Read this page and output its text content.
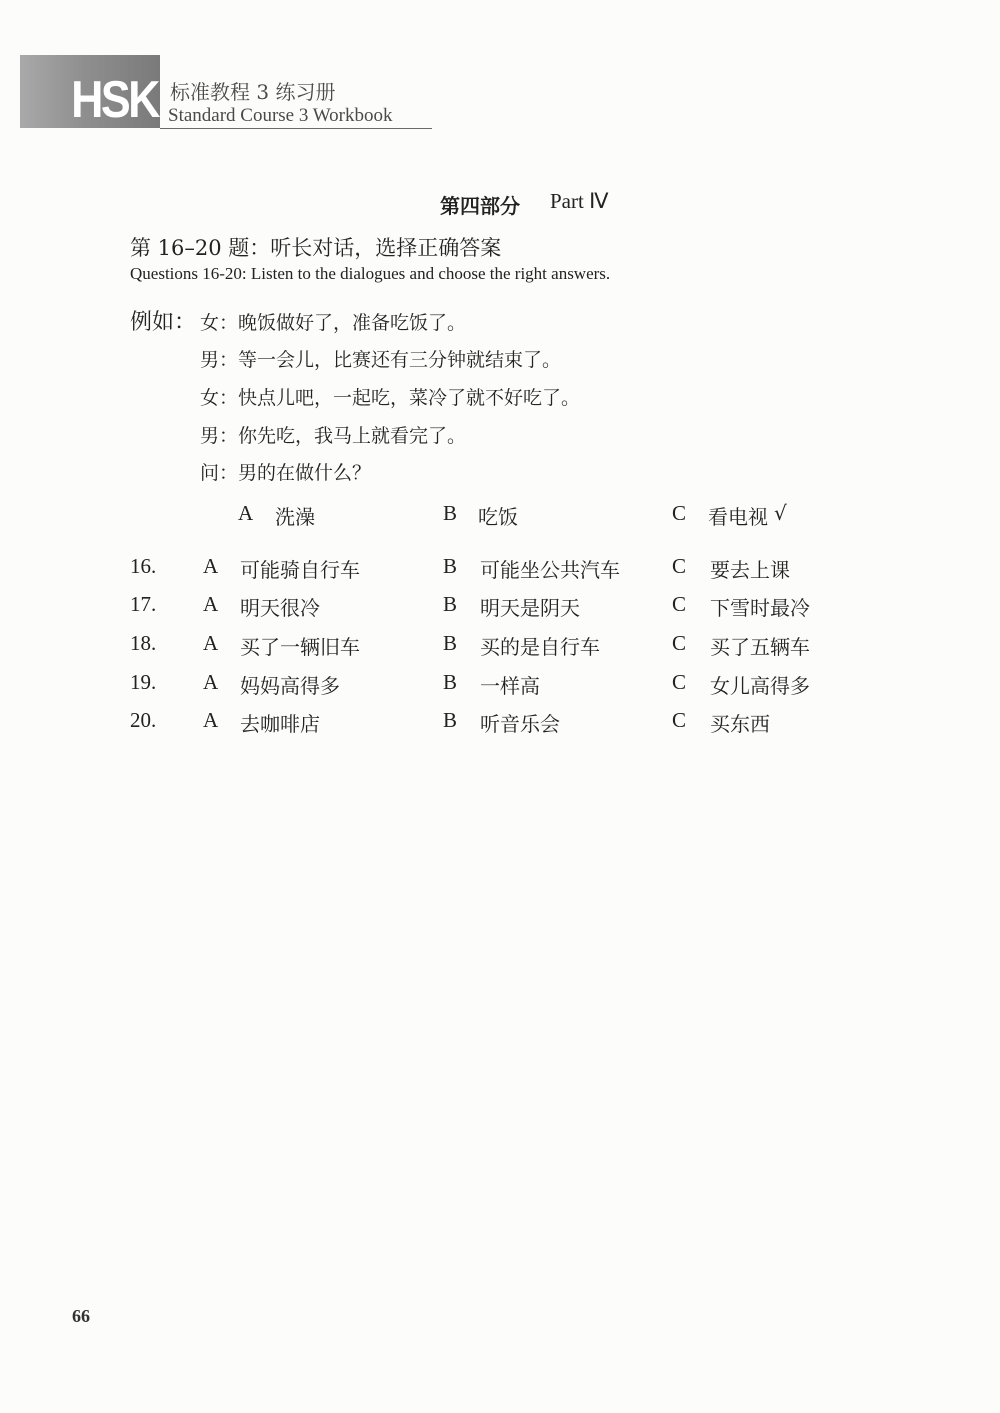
HSK 标准教程 3 练习册
Standard Course 3 Workbook
第四部分 Part Ⅳ
第 16–20 题：听长对话，选择正确答案
Questions 16-20: Listen to the dialogues and choose the right answers.
例如： 女：晚饭做好了，准备吃饭了。
男：等一会儿，比赛还有三分钟就结束了。
女：快点儿吧，一起吃，菜冷了就不好吃了。
男：你先吃，我马上就看完了。
问：男的在做什么？
A 洗澡	B 吃饭	C 看电视 √
16. A 可能骑自行车	B 可能坐公共汽车 C 要去上课
17. A 明天很冷	B 明天是阴天	C 下雪时最冷
18. A 买了一辆旧车	B 买的是自行车	C 买了五辆车
19. A 妈妈高得多	B 一样高	C 女儿高得多
20. A 去咖啡店	B 听音乐会	C 买东西
66
